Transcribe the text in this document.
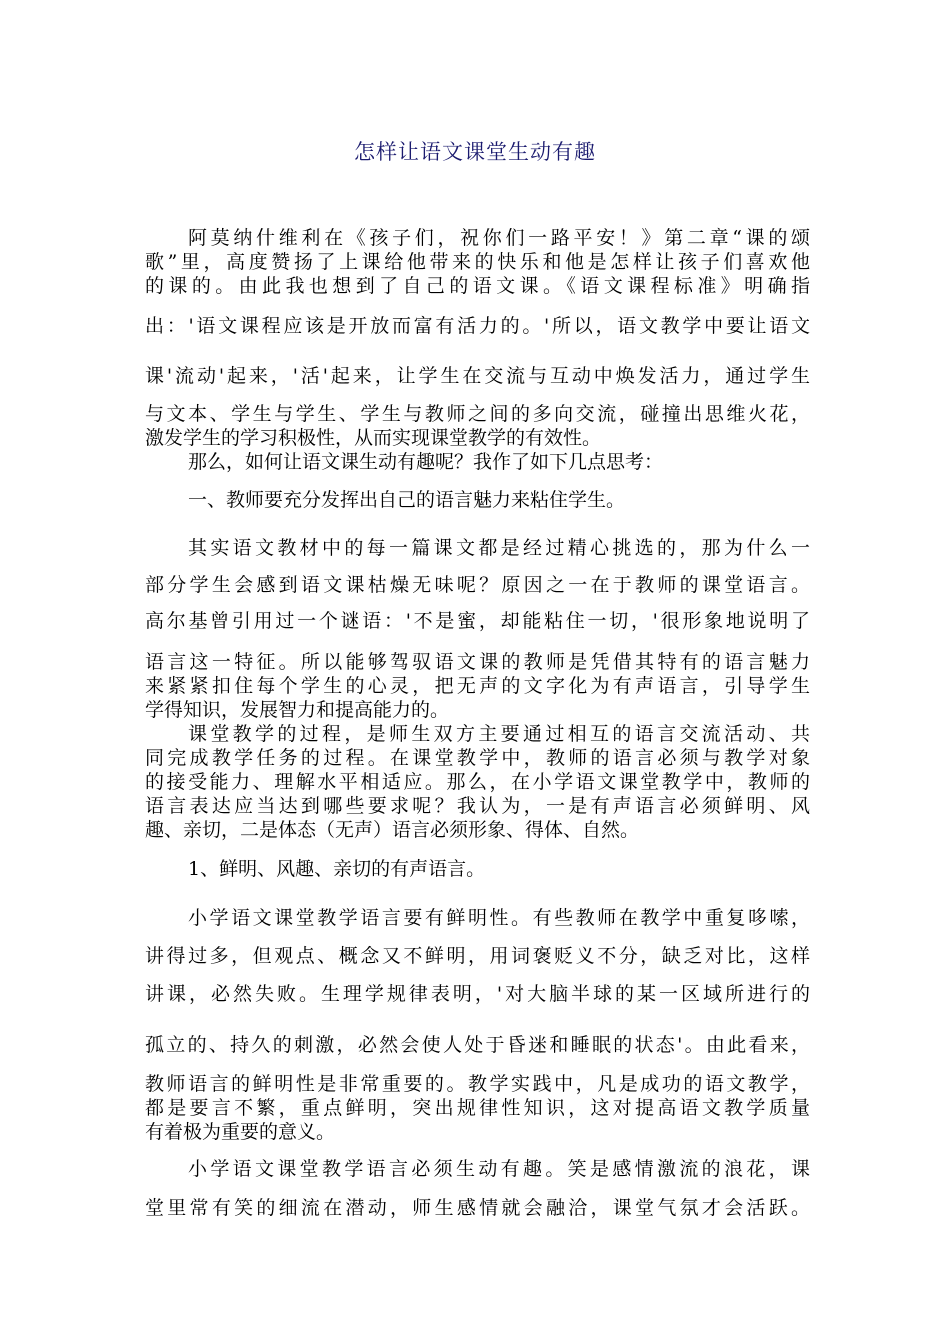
怎样让语文课堂生动有趣
阿莫纳什维利在《孩子们，祝你们一路平安！》第二章“课的颂
歌”里，高度赞扬了上课给他带来的快乐和他是怎样让孩子们喜欢他
的课的。由此我也想到了自己的语文课。《语文课程标准》明确指
出：'语文课程应该是开放而富有活力的。'所以，语文教学中要让语文
课'流动'起来，'活'起来，让学生在交流与互动中焕发活力，通过学生
与文本、学生与学生、学生与教师之间的多向交流，碰撞出思维火花，
激发学生的学习积极性，从而实现课堂教学的有效性。
那么，如何让语文课生动有趣呢？我作了如下几点思考：
一、教师要充分发挥出自己的语言魅力来粘住学生。
其实语文教材中的每一篇课文都是经过精心挑选的，那为什么一
部分学生会感到语文课枯燥无味呢？原因之一在于教师的课堂语言。
高尔基曾引用过一个谜语：'不是蜜，却能粘住一切，'很形象地说明了
语言这一特征。所以能够驾驭语文课的教师是凭借其特有的语言魅力
来紧紧扣住每个学生的心灵，把无声的文字化为有声语言，引导学生
学得知识，发展智力和提高能力的。
课堂教学的过程，是师生双方主要通过相互的语言交流活动、共
同完成教学任务的过程。在课堂教学中，教师的语言必须与教学对象
的接受能力、理解水平相适应。那么，在小学语文课堂教学中，教师的
语言表达应当达到哪些要求呢？我认为，一是有声语言必须鲜明、风
趣、亲切，二是体态（无声）语言必须形象、得体、自然。
1、鲜明、风趣、亲切的有声语言。
小学语文课堂教学语言要有鲜明性。有些教师在教学中重复哆嗦，
讲得过多，但观点、概念又不鲜明，用词褒贬义不分，缺乏对比，这样
讲课，必然失败。生理学规律表明，'对大脑半球的某一区域所进行的
孤立的、持久的刺激，必然会使人处于昏迷和睡眠的状态'。由此看来，
教师语言的鲜明性是非常重要的。教学实践中，凡是成功的语文教学，
都是要言不繁，重点鲜明，突出规律性知识，这对提高语文教学质量
有着极为重要的意义。
小学语文课堂教学语言必须生动有趣。笑是感情激流的浪花，课
堂里常有笑的细流在潜动，师生感情就会融洽，课堂气氛才会活跃。
